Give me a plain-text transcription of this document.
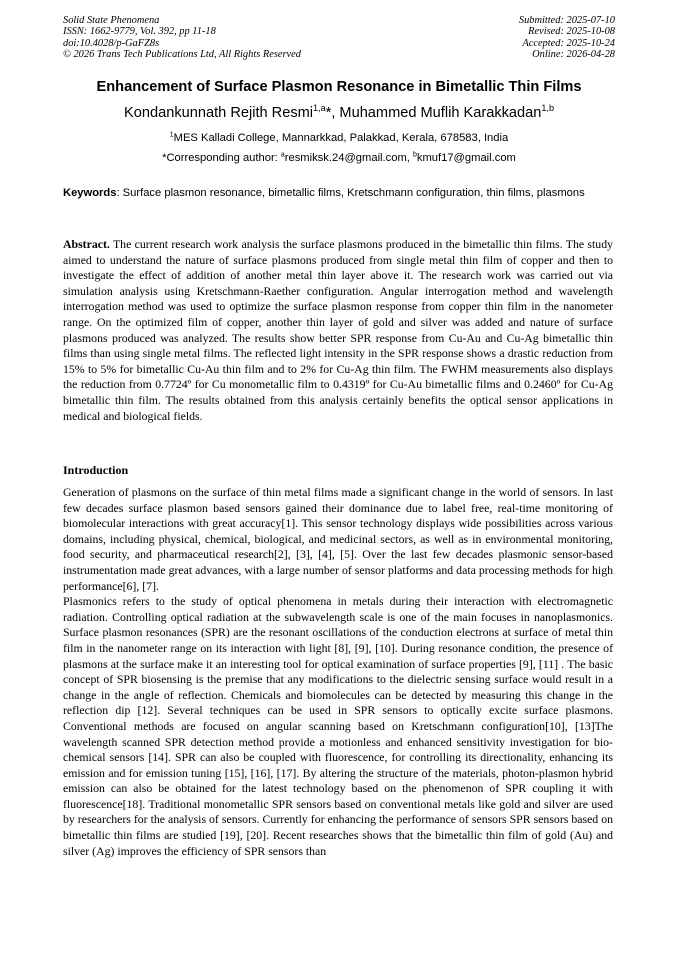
Solid State Phenomena
ISSN: 1662-9779, Vol. 392, pp 11-18
doi:10.4028/p-GaFZ8s
© 2026 Trans Tech Publications Ltd, All Rights Reserved
Submitted: 2025-07-10
Revised: 2025-10-08
Accepted: 2025-10-24
Online: 2026-04-28
Enhancement of Surface Plasmon Resonance in Bimetallic Thin Films
Kondankunnath Rejith Resmi$^{1,a}$*, Muhammed Muflih Karakkadan$^{1,b}$
$^1$MES Kalladi College, Mannarkkad, Palakkad, Kerala, 678583, India
*Corresponding author: $^a$resmiksk.24@gmail.com, $^b$kmuf17@gmail.com
Keywords: Surface plasmon resonance, bimetallic films, Kretschmann configuration, thin films, plasmons
Abstract. The current research work analysis the surface plasmons produced in the bimetallic thin films. The study aimed to understand the nature of surface plasmons produced from single metal thin film of copper and then to investigate the effect of addition of another metal thin layer above it. The research work was carried out via simulation analysis using Kretschmann-Raether configuration. Angular interrogation method and wavelength interrogation method was used to optimize the surface plasmon response from copper thin film in the nanometer range. On the optimized film of copper, another thin layer of gold and silver was added and nature of surface plasmons produced was analyzed. The results show better SPR response from Cu-Au and Cu-Ag bimetallic thin films than using single metal films. The reflected light intensity in the SPR response shows a drastic reduction from 15% to 5% for bimetallic Cu-Au thin film and to 2% for Cu-Ag thin film. The FWHM measurements also displays the reduction from 0.7724º for Cu monometallic film to 0.4319º for Cu-Au bimetallic films and 0.2460º for Cu-Ag bimetallic thin film. The results obtained from this analysis certainly benefits the optical sensor applications in medical and biological fields.
Introduction

Generation of plasmons on the surface of thin metal films made a significant change in the world of sensors. In last few decades surface plasmon based sensors gained their dominance due to label free, real-time monitoring of biomolecular interactions with great accuracy[1]. This sensor technology displays wide possibilities across various domains, including physical, chemical, biological, and medicinal sectors, as well as in environmental monitoring, food security, and pharmaceutical research[2], [3], [4], [5]. Over the last few decades plasmonic sensor-based instrumentation made great advances, with a large number of sensor platforms and data processing methods for high performance[6], [7].

Plasmonics refers to the study of optical phenomena in metals during their interaction with electromagnetic radiation. Controlling optical radiation at the subwavelength scale is one of the main focuses in nanoplasmonics. Surface plasmon resonances (SPR) are the resonant oscillations of the conduction electrons at surface of metal thin film in the nanometer range on its interaction with light [8], [9], [10]. During resonance condition, the presence of plasmons at the surface make it an interesting tool for optical examination of surface properties [9], [11] . The basic concept of SPR biosensing is the premise that any modifications to the dielectric sensing surface would result in a change in the angle of reflection. Chemicals and biomolecules can be detected by measuring this change in the reflection dip [12]. Several techniques can be used in SPR sensors to optically excite surface plasmons. Conventional methods are focused on angular scanning based on Kretschmann configuration[10], [13]The wavelength scanned SPR detection method provide a motionless and enhanced sensitivity investigation for bio-chemical sensors [14]. SPR can also be coupled with fluorescence, for controlling its directionality, enhancing its emission and for emission tuning [15], [16], [17]. By altering the structure of the materials, photon-plasmon hybrid emission can also be obtained for the latest technology based on the phenomenon of SPR coupling it with fluorescence[18]. Traditional monometallic SPR sensors based on conventional metals like gold and silver are used by researchers for the analysis of sensors. Currently for enhancing the performance of sensors SPR sensors based on bimetallic thin films are studied [19], [20]. Recent researches shows that the bimetallic thin film of gold (Au) and silver (Ag) improves the efficiency of SPR sensors than
